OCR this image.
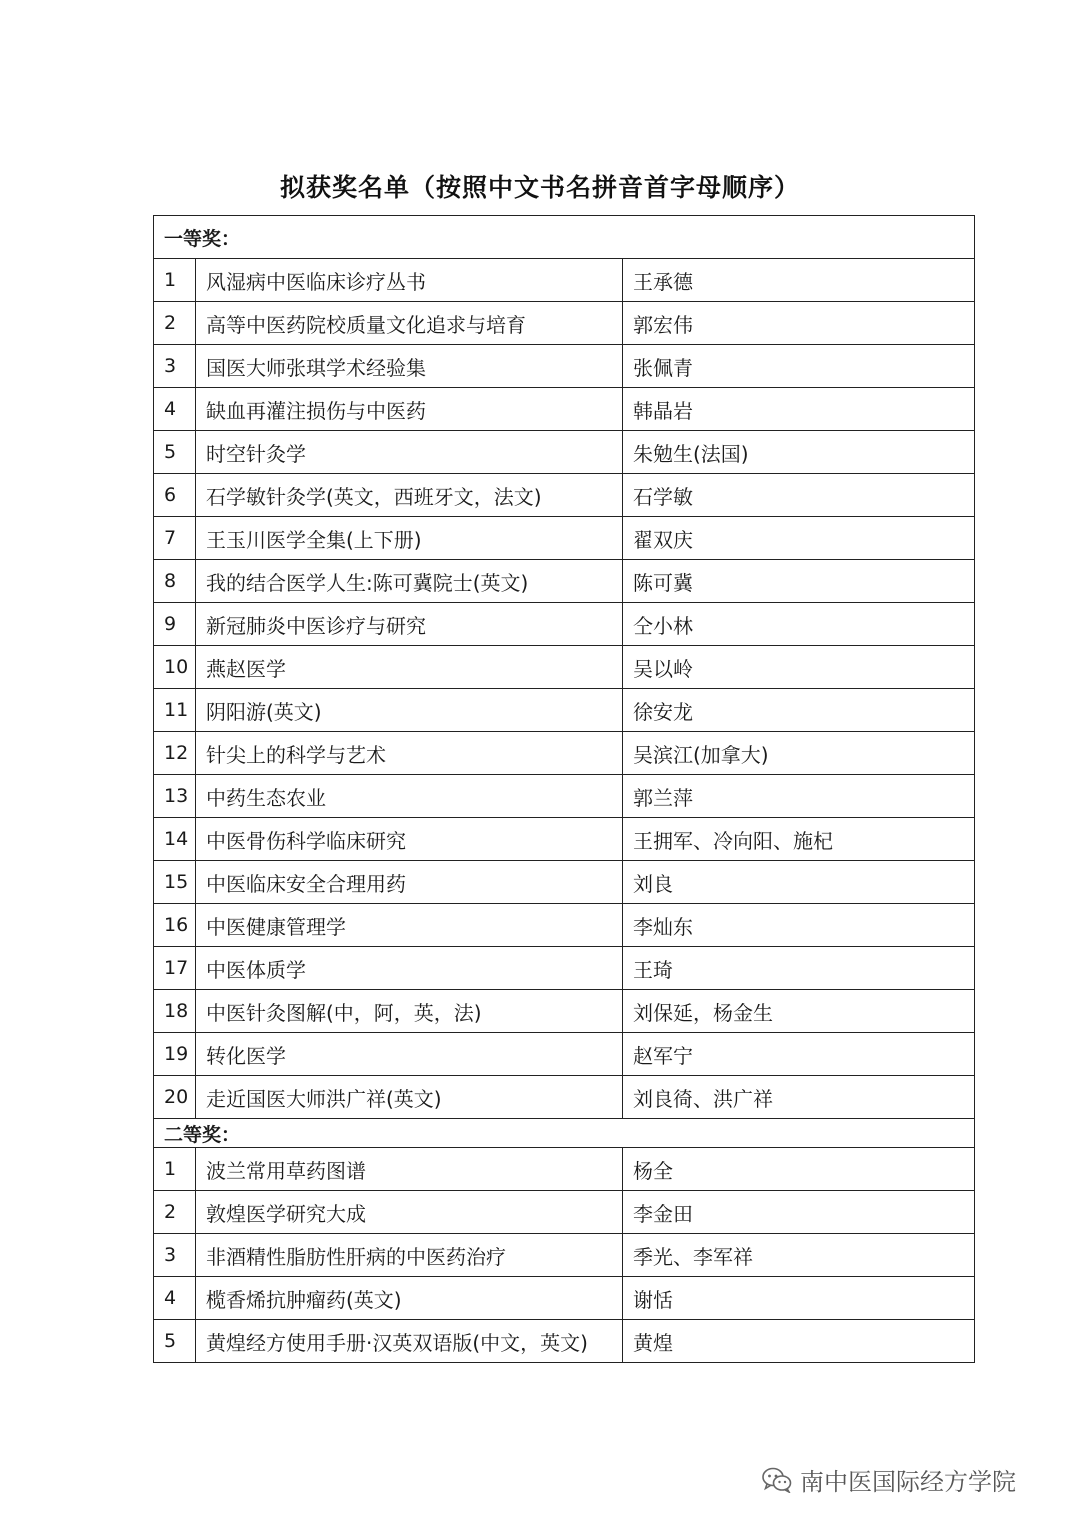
拟获奖名单（按照中文书名拼音首字母顺序）
一等奖：		
1	风湿病中医临床诊疗丛书	王承德
2	高等中医药院校质量文化追求与培育	郭宏伟
3	国医大师张琪学术经验集	张佩青
4	缺血再灌注损伤与中医药	韩晶岩
5	时空针灸学	朱勉生(法国)
6	石学敏针灸学(英文，西班牙文，法文)	石学敏
7	王玉川医学全集(上下册)	翟双庆
8	我的结合医学人生:陈可冀院士(英文)	陈可冀
9	新冠肺炎中医诊疗与研究	仝小林
10	燕赵医学	吴以岭
11	阴阳游(英文)	徐安龙
12	针尖上的科学与艺术	吴滨江(加拿大)
13	中药生态农业	郭兰萍
14	中医骨伤科学临床研究	王拥军、冷向阳、施杞
15	中医临床安全合理用药	刘良
16	中医健康管理学	李灿东
17	中医体质学	王琦
18	中医针灸图解(中，阿，英，法)	刘保延，杨金生
19	转化医学	赵军宁
20	走近国医大师洪广祥(英文)	刘良徛、洪广祥
二等奖：		
1	波兰常用草药图谱	杨全
2	敦煌医学研究大成	李金田
3	非酒精性脂肪性肝病的中医药治疗	季光、李军祥
4	榄香烯抗肿瘤药(英文)	谢恬
5	黄煌经方使用手册·汉英双语版(中文，英文)	黄煌
南中医国际经方学院
